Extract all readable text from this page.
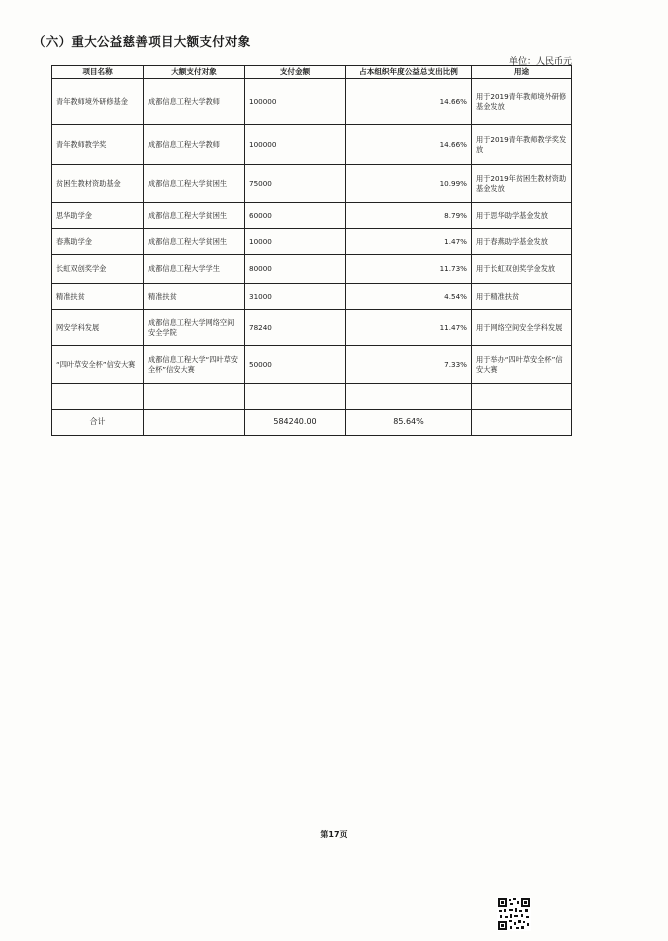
（六）重大公益慈善项目大额支付对象
单位：人民币元
项目名称	大额支付对象	支付金额	占本组织年度公益总支出比例	用途
青年教师境外研修基金	成都信息工程大学教师	100000	14.66%	用于2019青年教师境外研修基金发放
青年教师教学奖	成都信息工程大学教师	100000	14.66%	用于2019青年教师教学奖发放
贫困生教材资助基金	成都信息工程大学贫困生	75000	10.99%	用于2019年贫困生教材资助基金发放
思华助学金	成都信息工程大学贫困生	60000	8.79%	用于思华助学基金发放
春燕助学金	成都信息工程大学贫困生	10000	1.47%	用于春燕助学基金发放
长虹双创奖学金	成都信息工程大学学生	80000	11.73%	用于长虹双创奖学金发放
精准扶贫	精准扶贫	31000	4.54%	用于精准扶贫
网安学科发展	成都信息工程大学网络空间安全学院	78240	11.47%	用于网络空间安全学科发展
“四叶草安全杯”信安大赛	成都信息工程大学“四叶草安全杯”信安大赛	50000	7.33%	用于举办“四叶草安全杯”信安大赛

合计		584240.00	85.64%	
第17页
